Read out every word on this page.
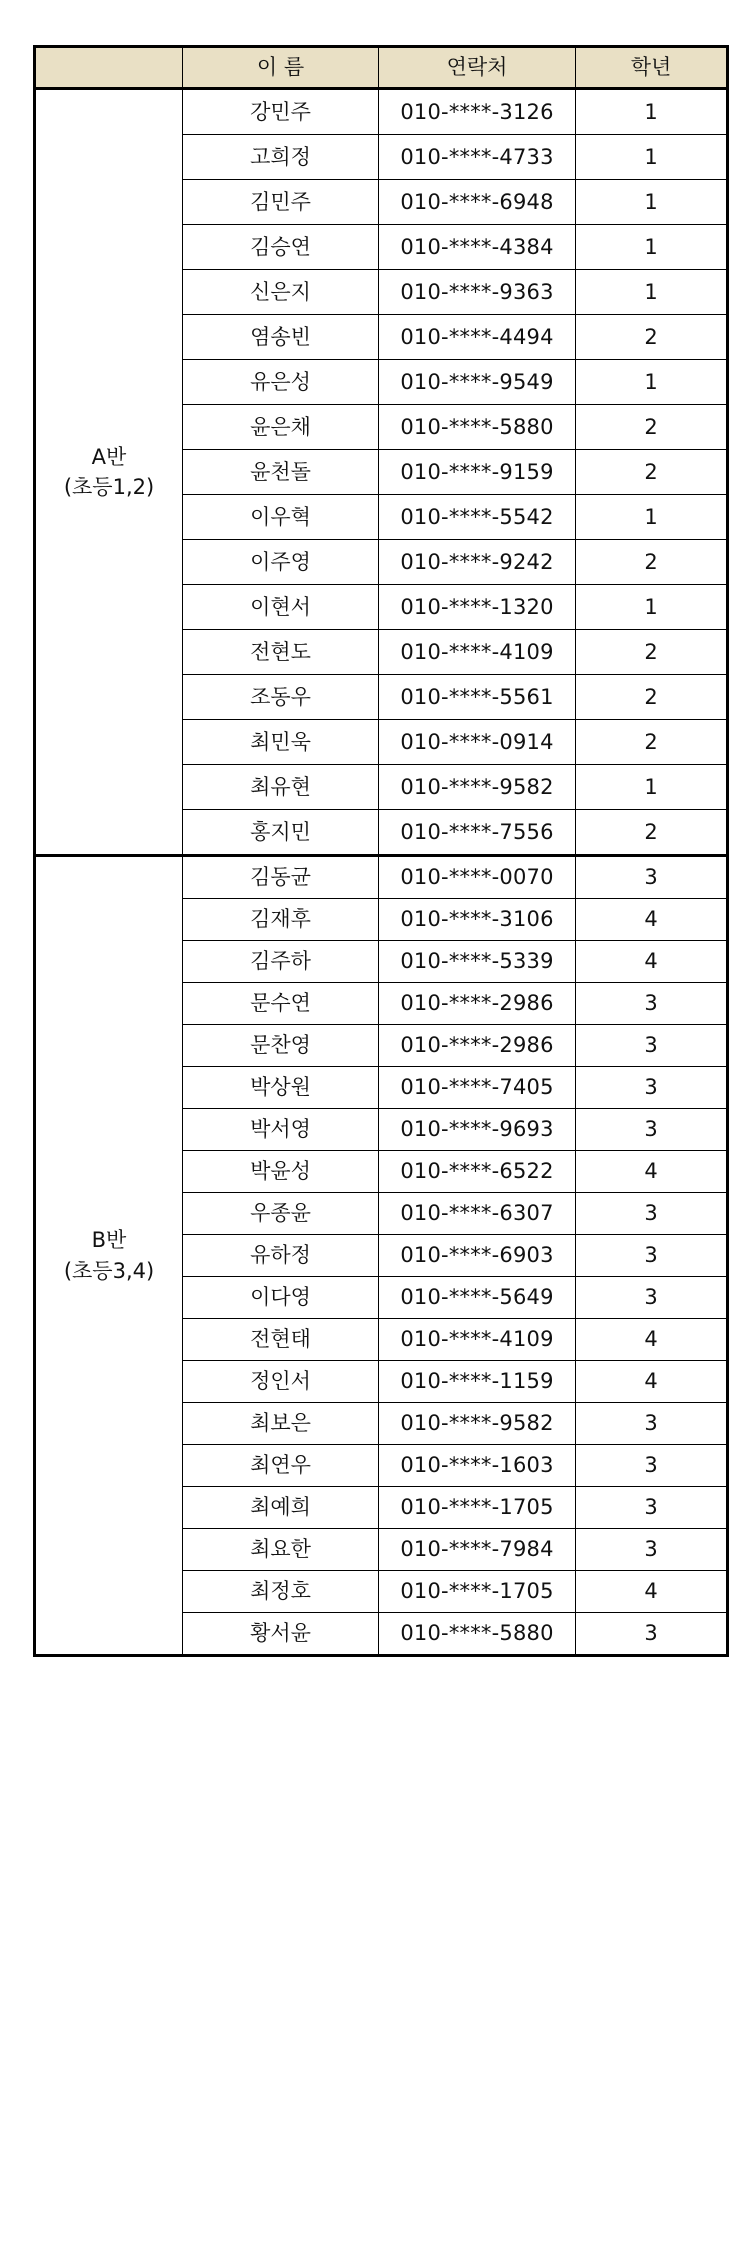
	이 름	연락처	학년

A반
(초등1,2)	강민주	010-****-3126	1
	고희정	010-****-4733	1
	김민주	010-****-6948	1
	김승연	010-****-4384	1
	신은지	010-****-9363	1
	염송빈	010-****-4494	2
	유은성	010-****-9549	1
	윤은채	010-****-5880	2
	윤천돌	010-****-9159	2
	이우혁	010-****-5542	1
	이주영	010-****-9242	2
	이현서	010-****-1320	1
	전현도	010-****-4109	2
	조동우	010-****-5561	2
	최민욱	010-****-0914	2
	최유현	010-****-9582	1
	홍지민	010-****-7556	2

B반
(초등3,4)	김동균	010-****-0070	3
	김재후	010-****-3106	4
	김주하	010-****-5339	4
	문수연	010-****-2986	3
	문찬영	010-****-2986	3
	박상원	010-****-7405	3
	박서영	010-****-9693	3
	박윤성	010-****-6522	4
	우종윤	010-****-6307	3
	유하정	010-****-6903	3
	이다영	010-****-5649	3
	전현태	010-****-4109	4
	정인서	010-****-1159	4
	최보은	010-****-9582	3
	최연우	010-****-1603	3
	최예희	010-****-1705	3
	최요한	010-****-7984	3
	최정호	010-****-1705	4
	황서윤	010-****-5880	3
